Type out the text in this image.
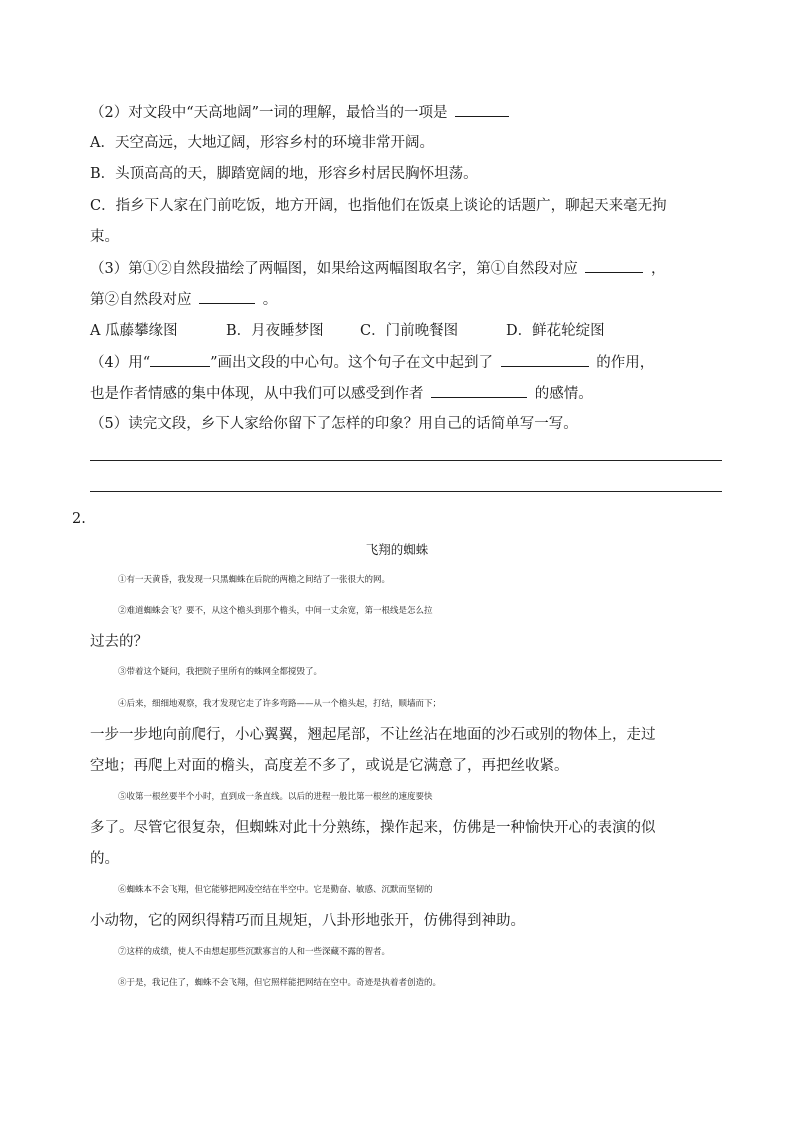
（2）对文段中“天高地阔”一词的理解，最恰当的一项是
A．天空高远，大地辽阔，形容乡村的环境非常开阔。
B．头顶高高的天，脚踏宽阔的地，形容乡村居民胸怀坦荡。
C．指乡下人家在门前吃饭，地方开阔，也指他们在饭桌上谈论的话题广，聊起天来毫无拘
束。
（3）第①②自然段描绘了两幅图，如果给这两幅图取名字，第①自然段对应	，
第②自然段对应	。
A 瓜藤攀缘图	B．月夜睡梦图	C．门前晚餐图	D．鲜花轮绽图
（4）用“	”画出文段的中心句。这个句子在文中起到了	的作用，
也是作者情感的集中体现，从中我们可以感受到作者	的感情。
（5）读完文段，乡下人家给你留下了怎样的印象？用自己的话简单写一写。
2.
飞翔的蜘蛛
①有一天黄昏，我发现一只黑蜘蛛在后院的两檐之间结了一张很大的网。
②难道蜘蛛会飞？要不，从这个檐头到那个檐头，中间一丈余宽，第一根线是怎么拉
过去的？
③带着这个疑问，我把院子里所有的蛛网全都搅毁了。
④后来，细细地观察，我才发现它走了许多弯路——从一个檐头起，打结，顺墙而下；
一步一步地向前爬行，小心翼翼，翘起尾部，不让丝沾在地面的沙石或别的物体上，走过
空地；再爬上对面的檐头，高度差不多了，或说是它满意了，再把丝收紧。
⑤收第一根丝要半个小时，直到成一条直线。以后的进程一般比第一根丝的速度要快
多了。尽管它很复杂，但蜘蛛对此十分熟练，操作起来，仿佛是一种愉快开心的表演的似
的。
⑥蜘蛛本不会飞翔，但它能够把网凌空结在半空中。它是勤奋、敏感、沉默而坚韧的
小动物，它的网织得精巧而且规矩，八卦形地张开，仿佛得到神助。
⑦这样的成绩，使人不由想起那些沉默寡言的人和一些深藏不露的智者。
⑧于是，我记住了，蜘蛛不会飞翔，但它照样能把网结在空中。奇迹是执着者创造的。
